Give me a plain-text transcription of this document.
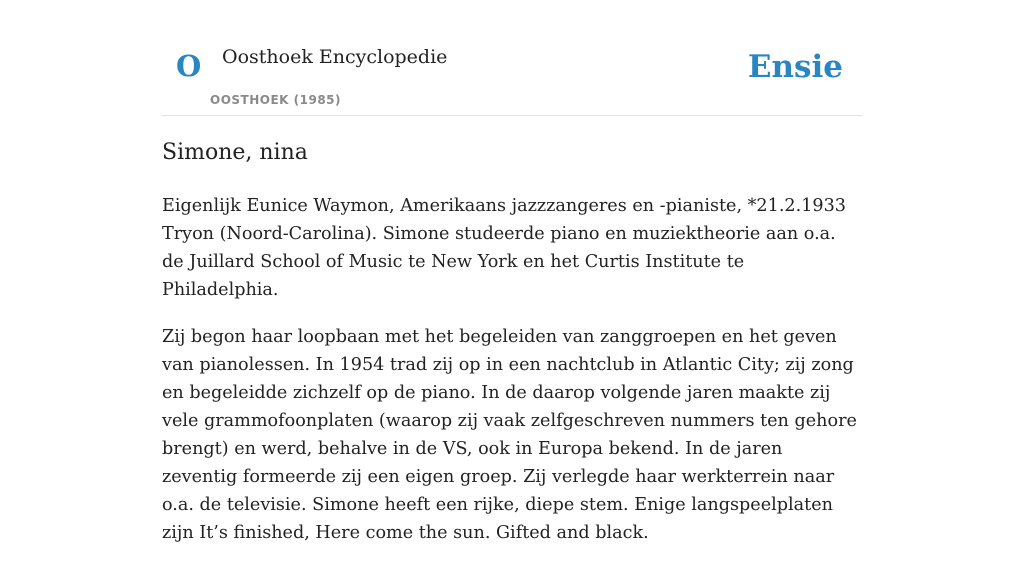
O Oosthoek Encyclopedie
OOSTHOEK (1985)
Ensie
Simone, nina

Eigenlijk Eunice Waymon, Amerikaans jazzzangeres en -pianiste, *21.2.1933 Tryon (Noord-Carolina). Simone studeerde piano en muziektheorie aan o.a. de Juillard School of Music te New York en het Curtis Institute te Philadelphia.

Zij begon haar loopbaan met het begeleiden van zanggroepen en het geven van pianolessen. In 1954 trad zij op in een nachtclub in Atlantic City; zij zong en begeleidde zichzelf op de piano. In de daarop volgende jaren maakte zij vele grammofoonplaten (waarop zij vaak zelfgeschreven nummers ten gehore brengt) en werd, behalve in de VS, ook in Europa bekend. In de jaren zeventig formeerde zij een eigen groep. Zij verlegde haar werkterrein naar o.a. de televisie. Simone heeft een rijke, diepe stem. Enige langspeelplaten zijn It’s finished, Here come the sun. Gifted and black.
